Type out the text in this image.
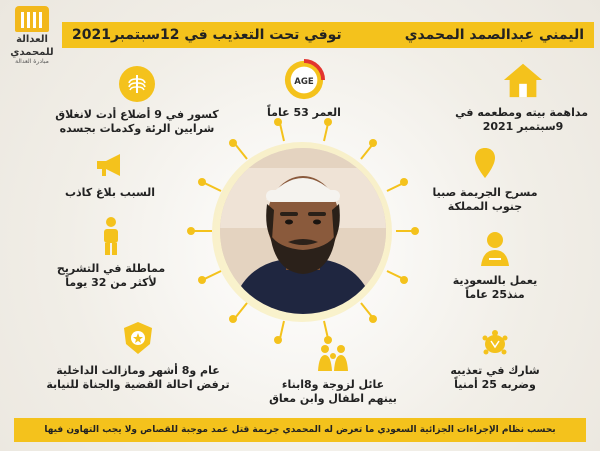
العدالة
للمحمدي
مبادرة العدالة
اليمني عبدالصمد المحمدي
توفي تحت التعذيب في 12سبتمبر2021
مداهمة بيته ومطعمه في
9سبتمبر 2021
AGE
العمر 53 عاماً
كسور في 9 أضلاع أدت لانغلاق
شرايين الرئة وكدمات بجسده
مسرح الجريمة صبيا
جنوب المملكة
السبب بلاغ كاذب
يعمل بالسعودية
منذ25 عاماً
مماطلة في التشريح
لأكثر من 32 يوماً
عام و8 أشهر ومازالت الداخلية
ترفض احالة القضية والجناة للنيابة	عائل لزوجة و8ابناء
بينهم اطفال وابن معاق
شارك في تعذيبه
وضربه 25 أمنياً
بحسب نظام الإجراءات الجزائية السعودي ما تعرض له المحمدي جريمة قتل عمد موجبة للقصاص ولا يجب التهاون فيها
